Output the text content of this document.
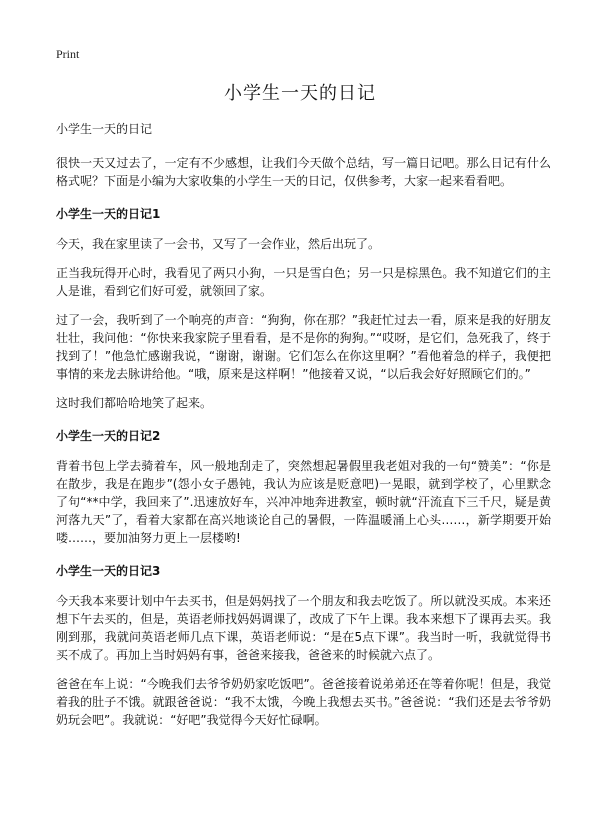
Print
小学生一天的日记

小学生一天的日记

很快一天又过去了，一定有不少感想，让我们今天做个总结，写一篇日记吧。那么日记有什么格式呢？下面是小编为大家收集的小学生一天的日记，仅供参考，大家一起来看看吧。

小学生一天的日记1

今天，我在家里读了一会书，又写了一会作业，然后出玩了。

正当我玩得开心时，我看见了两只小狗，一只是雪白色；另一只是棕黑色。我不知道它们的主人是谁，看到它们好可爱，就领回了家。

过了一会，我听到了一个响亮的声音：“狗狗，你在那？”我赶忙过去一看，原来是我的好朋友壮壮，我问他：“你快来我家院子里看看，是不是你的狗狗。”“哎呀，是它们，急死我了，终于找到了！”他急忙感谢我说，“谢谢，谢谢。它们怎么在你这里啊？”看他着急的样子，我便把事情的来龙去脉讲给他。“哦，原来是这样啊！”他接着又说，“以后我会好好照顾它们的。”

这时我们都哈哈地笑了起来。

小学生一天的日记2

背着书包上学去骑着车，风一般地刮走了，突然想起暑假里我老姐对我的一句“赞美”：“你是在散步，我是在跑步”(怨小女子愚钝，我认为应该是贬意吧)一晃眼，就到学校了，心里默念了句“**中学，我回来了”.迅速放好车，兴冲冲地奔进教室，顿时就“汗流直下三千尺，疑是黄河落九天”了，看着大家都在高兴地谈论自己的暑假，一阵温暖涌上心头……，新学期要开始喽……，要加油努力更上一层楼哟!

小学生一天的日记3

今天我本来要计划中午去买书，但是妈妈找了一个朋友和我去吃饭了。所以就没买成。本来还想下午去买的，但是，英语老师找妈妈调课了，改成了下午上课。我本来想下了课再去买。我刚到那，我就问英语老师几点下课，英语老师说：“是在5点下课”。我当时一听，我就觉得书买不成了。再加上当时妈妈有事，爸爸来接我，爸爸来的时候就六点了。

爸爸在车上说：“今晚我们去爷爷奶奶家吃饭吧”。爸爸接着说弟弟还在等着你呢！但是，我觉着我的肚子不饿。就跟爸爸说：“我不太饿，今晚上我想去买书。”爸爸说：“我们还是去爷爷奶奶玩会吧”。我就说：“好吧”我觉得今天好忙碌啊。
